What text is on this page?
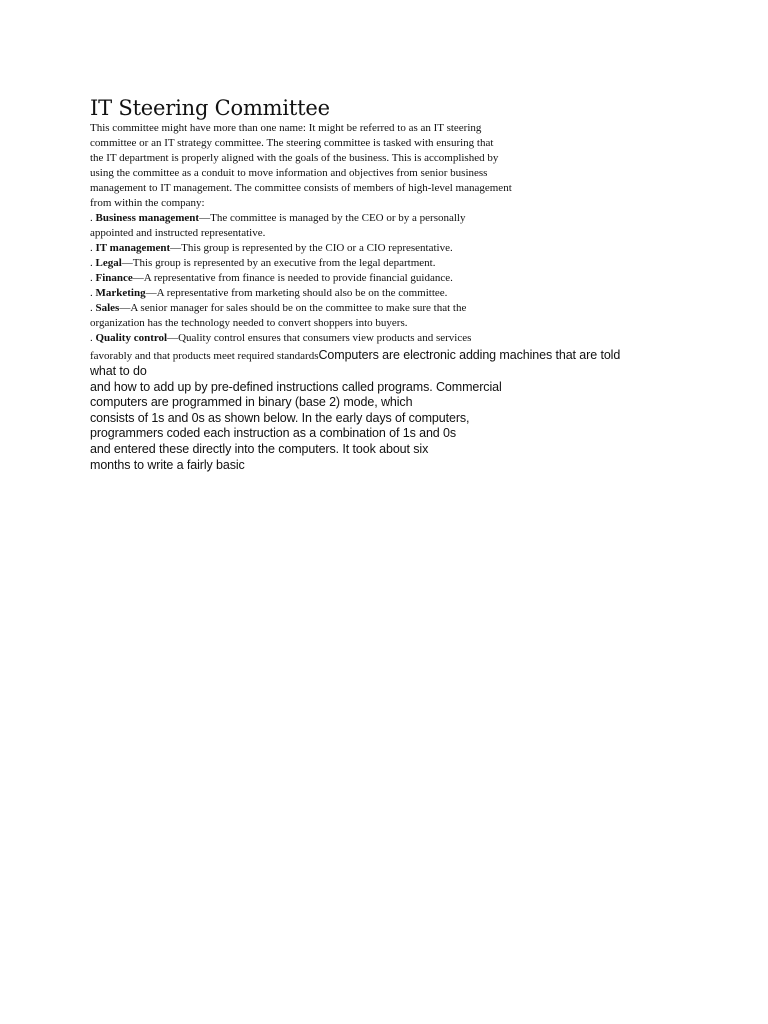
IT Steering Committee
This committee might have more than one name: It might be referred to as an IT steering
committee or an IT strategy committee. The steering committee is tasked with ensuring that
the IT department is properly aligned with the goals of the business. This is accomplished by
using the committee as a conduit to move information and objectives from senior business
management to IT management. The committee consists of members of high-level management
from within the company:
. Business management—The committee is managed by the CEO or by a personally
appointed and instructed representative.
. IT management—This group is represented by the CIO or a CIO representative.
. Legal—This group is represented by an executive from the legal department.
. Finance—A representative from finance is needed to provide financial guidance.
. Marketing—A representative from marketing should also be on the committee.
. Sales—A senior manager for sales should be on the committee to make sure that the
organization has the technology needed to convert shoppers into buyers.
. Quality control—Quality control ensures that consumers view products and services
favorably and that products meet required standardsComputers are electronic adding machines that are told
what to do
and how to add up by pre-defined instructions called programs. Commercial
computers are programmed in binary (base 2) mode, which
consists of 1s and 0s as shown below. In the early days of computers,
programmers coded each instruction as a combination of 1s and 0s
and entered these directly into the computers. It took about six
months to write a fairly basic
